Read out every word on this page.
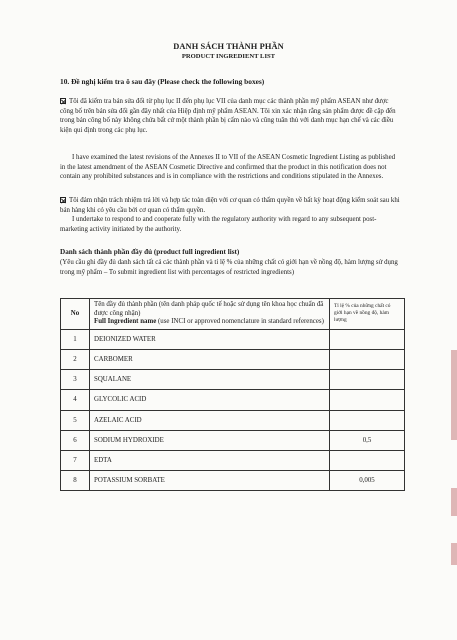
DANH SÁCH THÀNH PHẦN
PRODUCT INGREDIENT LIST
10. Đề nghị kiểm tra ô sau đây (Please check the following boxes)
Tôi đã kiểm tra bản sửa đổi từ phụ lục II đến phụ lục VII của danh mục các thành phần mỹ phẩm ASEAN như được công bố trên bản sửa đổi gần đây nhất của Hiệp định mỹ phẩm ASEAN. Tôi xin xác nhận rằng sản phẩm được đề cập đến trong bản công bố này không chứa bất cứ một thành phần bị cấm nào và cũng tuân thủ với danh mục hạn chế và các điều kiện qui định trong các phụ lục.
I have examined the latest revisions of the Annexes II to VII of the ASEAN Cosmetic Ingredient Listing as published in the latest amendment of the ASEAN Cosmetic Directive and confirmed that the product in this notification does not contain any prohibited substances and is in compliance with the restrictions and conditions stipulated in the Annexes.
Tôi đảm nhận trách nhiệm trả lời và hợp tác toàn diện với cơ quan có thẩm quyền về bất kỳ hoạt động kiểm soát sau khi bán hàng khi có yêu cầu bởi cơ quan có thẩm quyền.
I undertake to respond to and cooperate fully with the regulatory authority with regard to any subsequent post-marketing activity initiated by the authority.
Danh sách thành phần đầy đủ (product full ingredient list)
(Yêu cầu ghi đầy đủ danh sách tất cả các thành phần và tỉ lệ % của những chất có giới hạn về nồng độ, hàm lượng sử dụng trong mỹ phẩm – To submit ingredient list with percentages of restricted ingredients)
No	Tên đầy đủ thành phần (tên danh pháp quốc tế hoặc sử dụng tên khoa học chuẩn đã được công nhận)
Full Ingredient name (use INCI or approved nomenclature in standard references)	Tỉ lệ % của những chất có giới hạn về nồng độ, hàm lượng
1	DEIONIZED WATER	
2	CARBOMER	
3	SQUALANE	
4	GLYCOLIC ACID	
5	AZELAIC ACID	
6	SODIUM HYDROXIDE	0,5
7	EDTA	
8	POTASSIUM SORBATE	0,005
